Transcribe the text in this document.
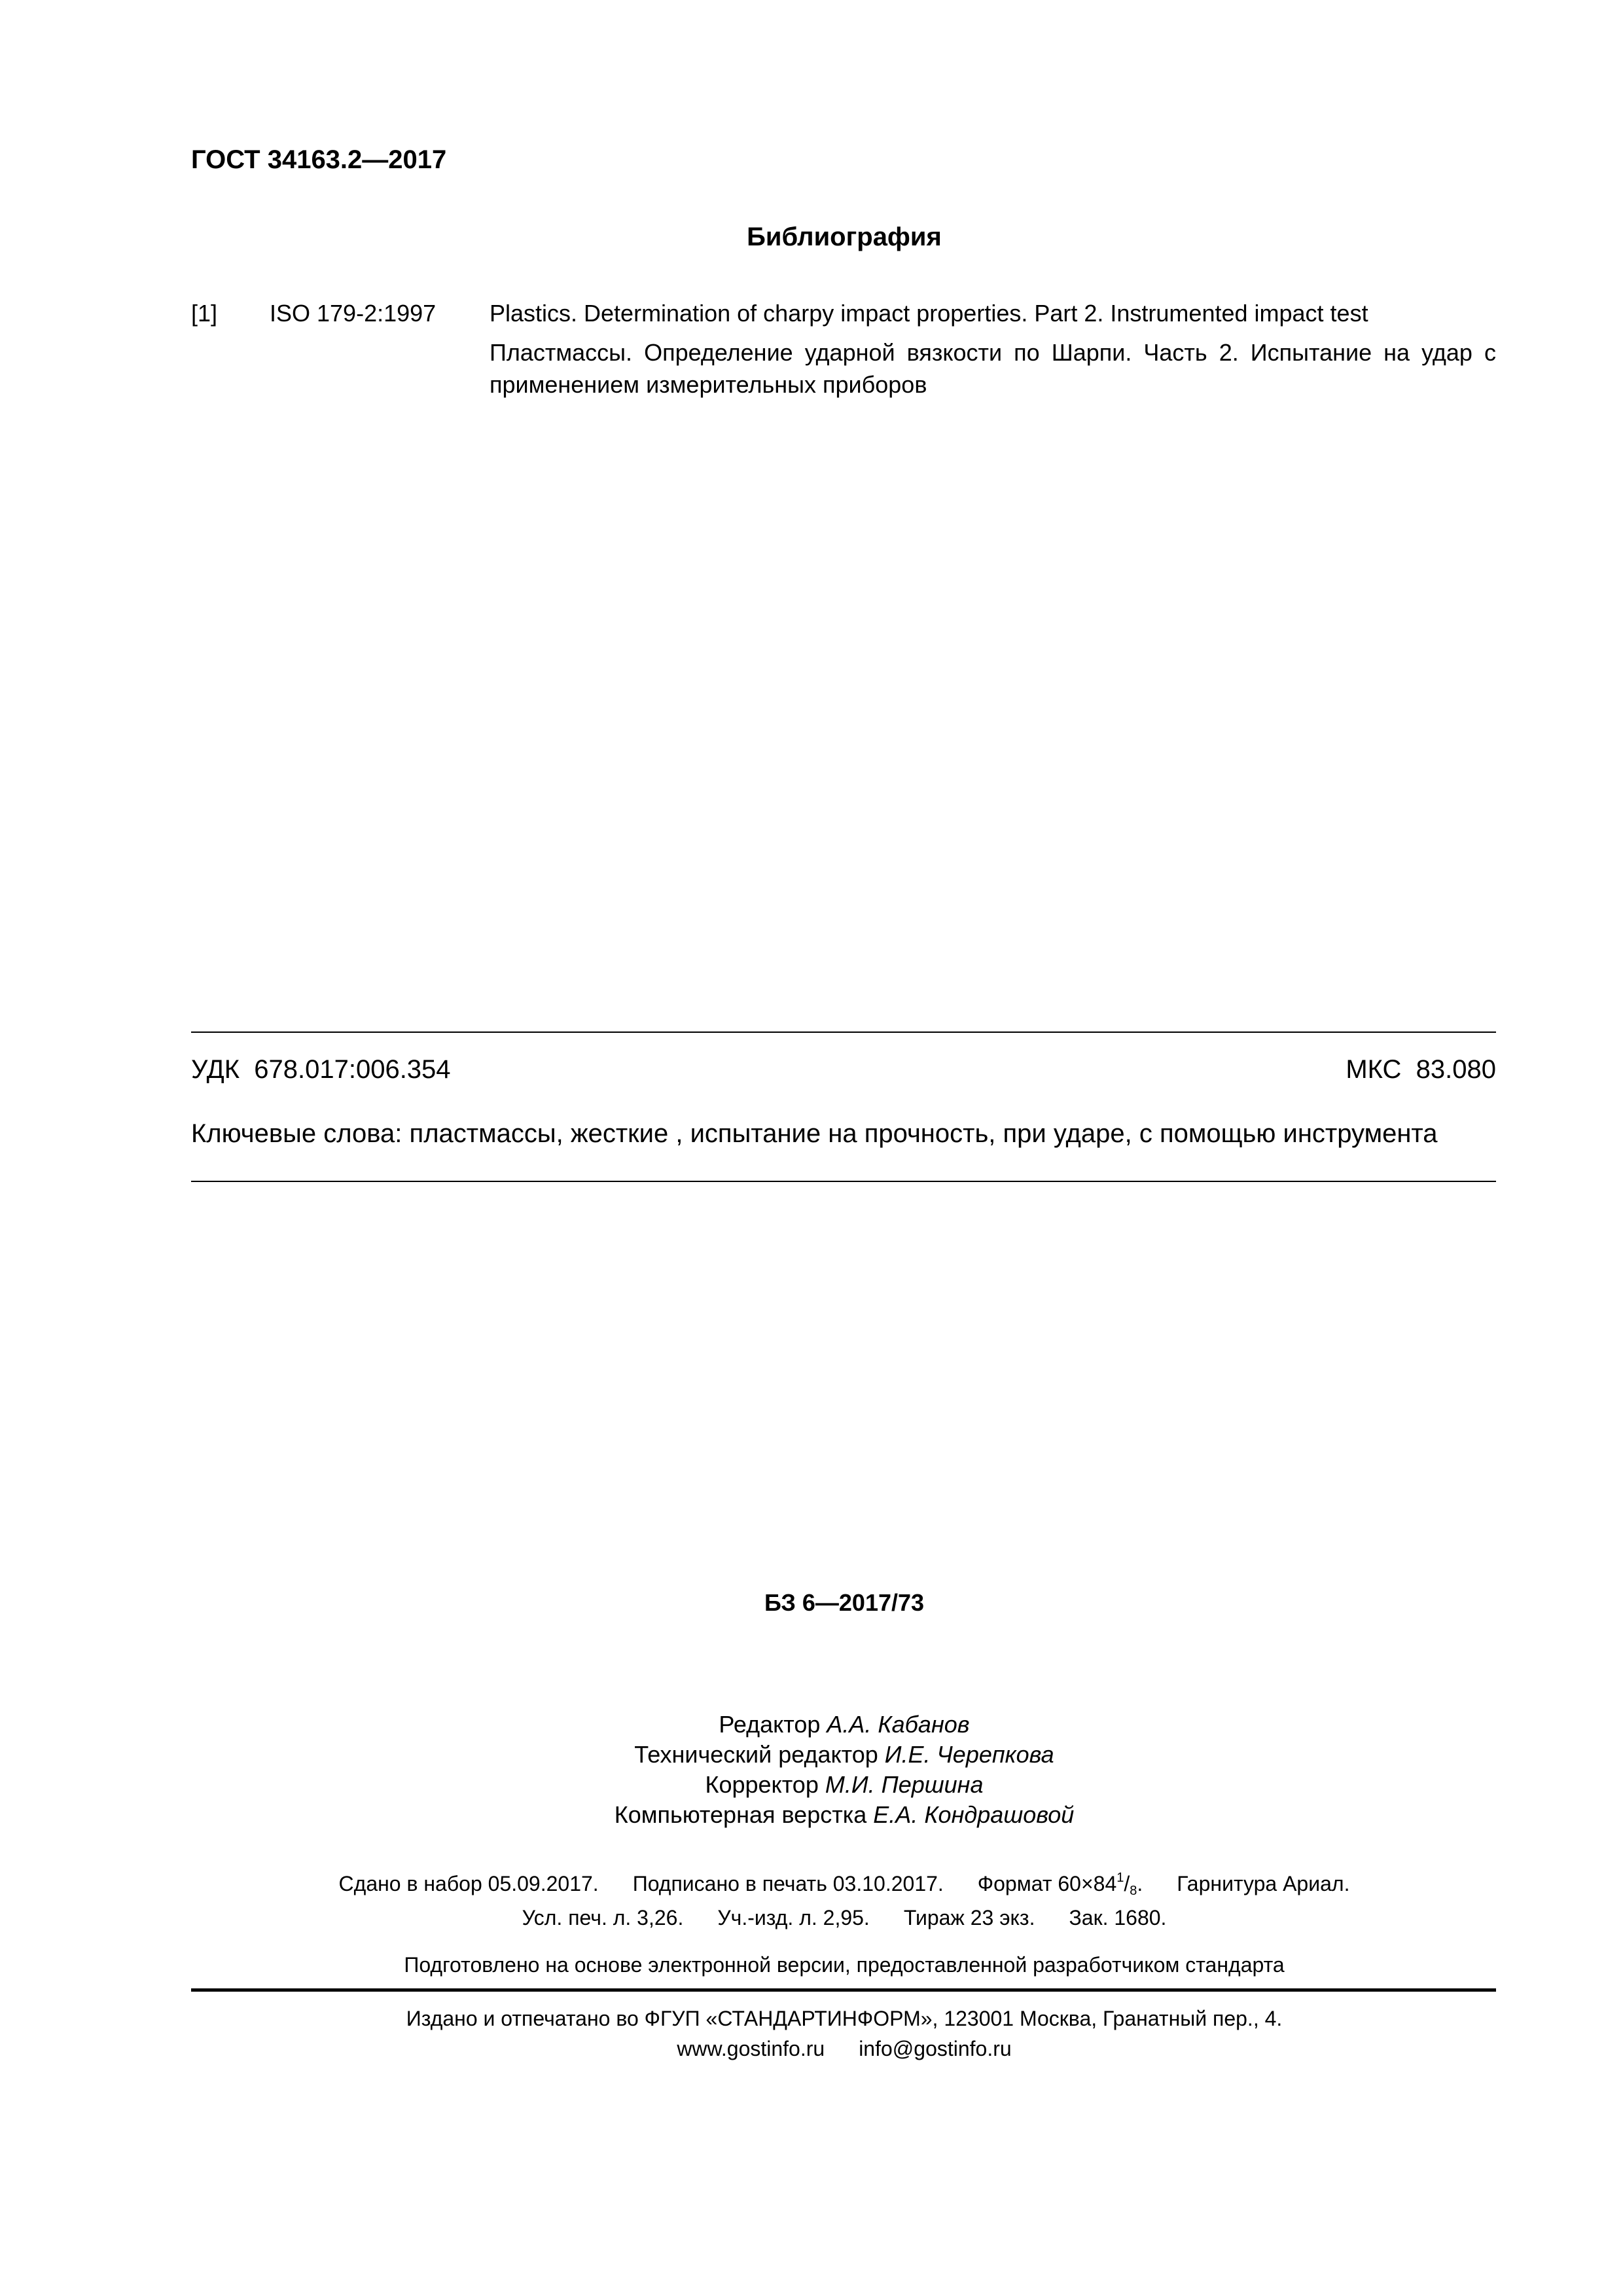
ГОСТ 34163.2—2017
Библиография
[1] ISO 179-2:1997 Plastics. Determination of charpy impact properties. Part 2. Instrumented impact test
Пластмассы. Определение ударной вязкости по Шарпи. Часть 2. Испытание на удар с применением измерительных приборов
УДК 678.017:006.354	МКС 83.080
Ключевые слова: пластмассы, жесткие , испытание на прочность, при ударе, с помощью инструмента
БЗ 6—2017/73
Редактор А.А. Кабанов
Технический редактор И.Е. Черепкова
Корректор М.И. Першина
Компьютерная верстка Е.А. Кондрашовой
Сдано в набор 05.09.2017. Подписано в печать 03.10.2017. Формат $60\times 84^1/_8$. Гарнитура Ариал.
Усл. печ. л. 3,26. Уч.-изд. л. 2,95. Тираж 23 экз. Зак. 1680.
Подготовлено на основе электронной версии, предоставленной разработчиком стандарта
Издано и отпечатано во ФГУП «СТАНДАРТИНФОРМ», 123001 Москва, Гранатный пер., 4.
www.gostinfo.ru info@gostinfo.ru
